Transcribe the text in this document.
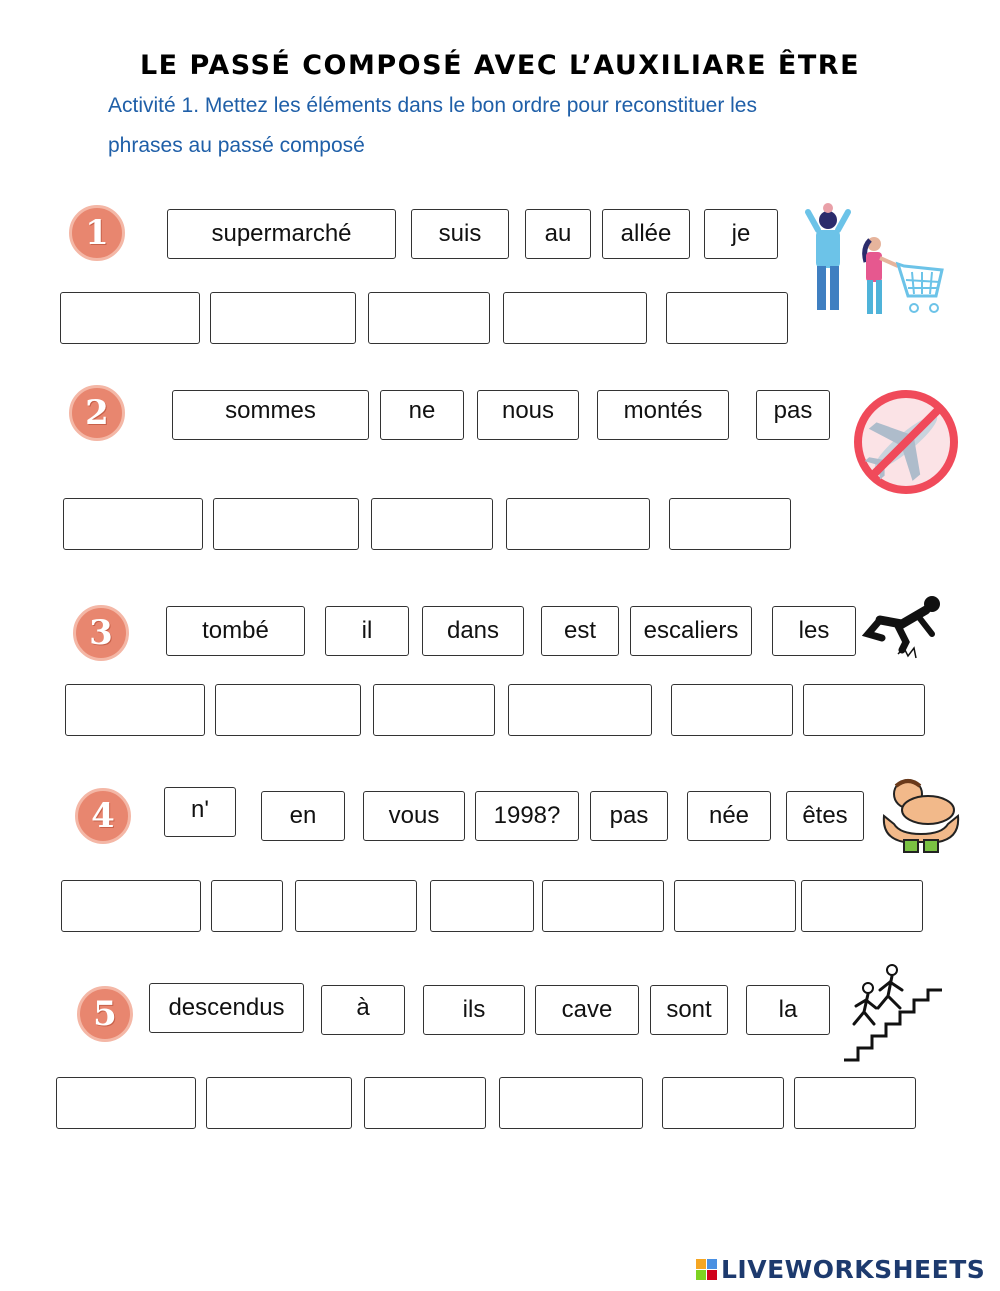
LE PASSÉ COMPOSÉ AVEC L’AUXILIARE ÊTRE
Activité 1. Mettez les éléments dans le bon ordre pour reconstituer les
phrases au passé composé
1	supermarché	suis	au	allée	je
2	sommes	ne	nous	montés	pas
3	tombé	il	dans	est	escaliers	les
4	n'	en	vous	1998?	pas	née	êtes
5	descendus	à	ils	cave	sont	la
LIVEWORKSHEETS
